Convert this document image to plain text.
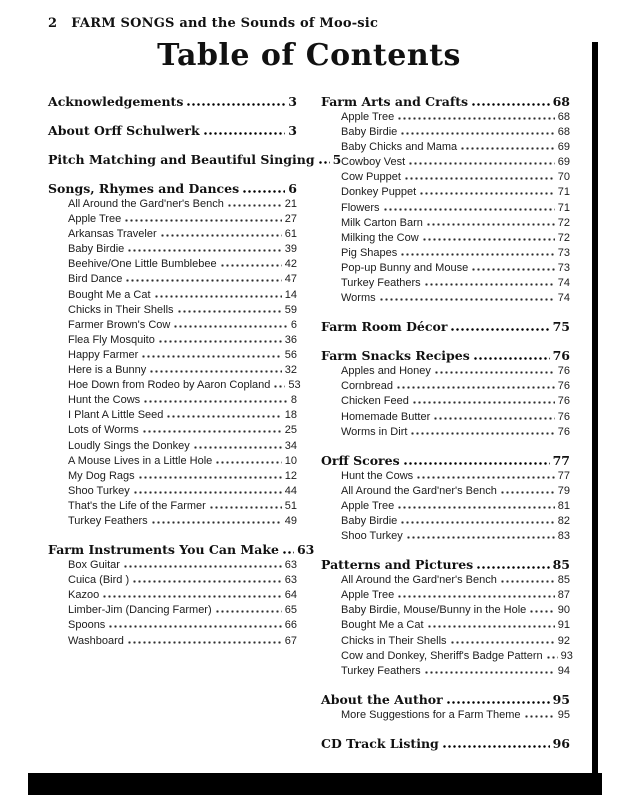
2 FARM SONGS and the Sounds of Moo-sic
Table of Contents
Acknowledgements	3
About Orff Schulwerk	3
Pitch Matching and Beautiful Singing 5
Songs, Rhymes and Dances	6
All Around the Gard'ner's Bench	21
Apple Tree	27
Arkansas Traveler	61
Baby Birdie	39
Beehive/One Little Bumblebee	42
Bird Dance	47
Bought Me a Cat	14
Chicks in Their Shells	59
Farmer Brown's Cow	6
Flea Fly Mosquito	36
Happy Farmer	56
Here is a Bunny	32
Hoe Down from Rodeo by Aaron Copland 53
Hunt the Cows	8
I Plant A Little Seed	18
Lots of Worms	25
Loudly Sings the Donkey	34
A Mouse Lives in a Little Hole	10
My Dog Rags	12
Shoo Turkey	44
That's the Life of the Farmer	51
Turkey Feathers	49
Farm Instruments You Can Make 63
Box Guitar	63
Cuica (Bird )	63
Kazoo	64
Limber-Jim (Dancing Farmer)	65
Spoons	66
Washboard	67
Farm Arts and Crafts	68
Apple Tree	68
Baby Birdie	68
Baby Chicks and Mama	69
Cowboy Vest	69
Cow Puppet	70
Donkey Puppet	71
Flowers	71
Milk Carton Barn	72
Milking the Cow	72
Pig Shapes	73
Pop-up Bunny and Mouse	73
Turkey Feathers	74
Worms	74
Farm Room Décor	75
Farm Snacks Recipes	76
Apples and Honey	76
Cornbread	76
Chicken Feed	76
Homemade Butter	76
Worms in Dirt	76
Orff Scores	77
Hunt the Cows	77
All Around the Gard'ner's Bench	79
Apple Tree	81
Baby Birdie	82
Shoo Turkey	83
Patterns and Pictures	85
All Around the Gard'ner's Bench	85
Apple Tree	87
Baby Birdie, Mouse/Bunny in the Hole	90
Bought Me a Cat	91
Chicks in Their Shells	92
Cow and Donkey, Sheriff's Badge Pattern 93
Turkey Feathers	94
About the Author	95
More Suggestions for a Farm Theme	95
CD Track Listing	96
